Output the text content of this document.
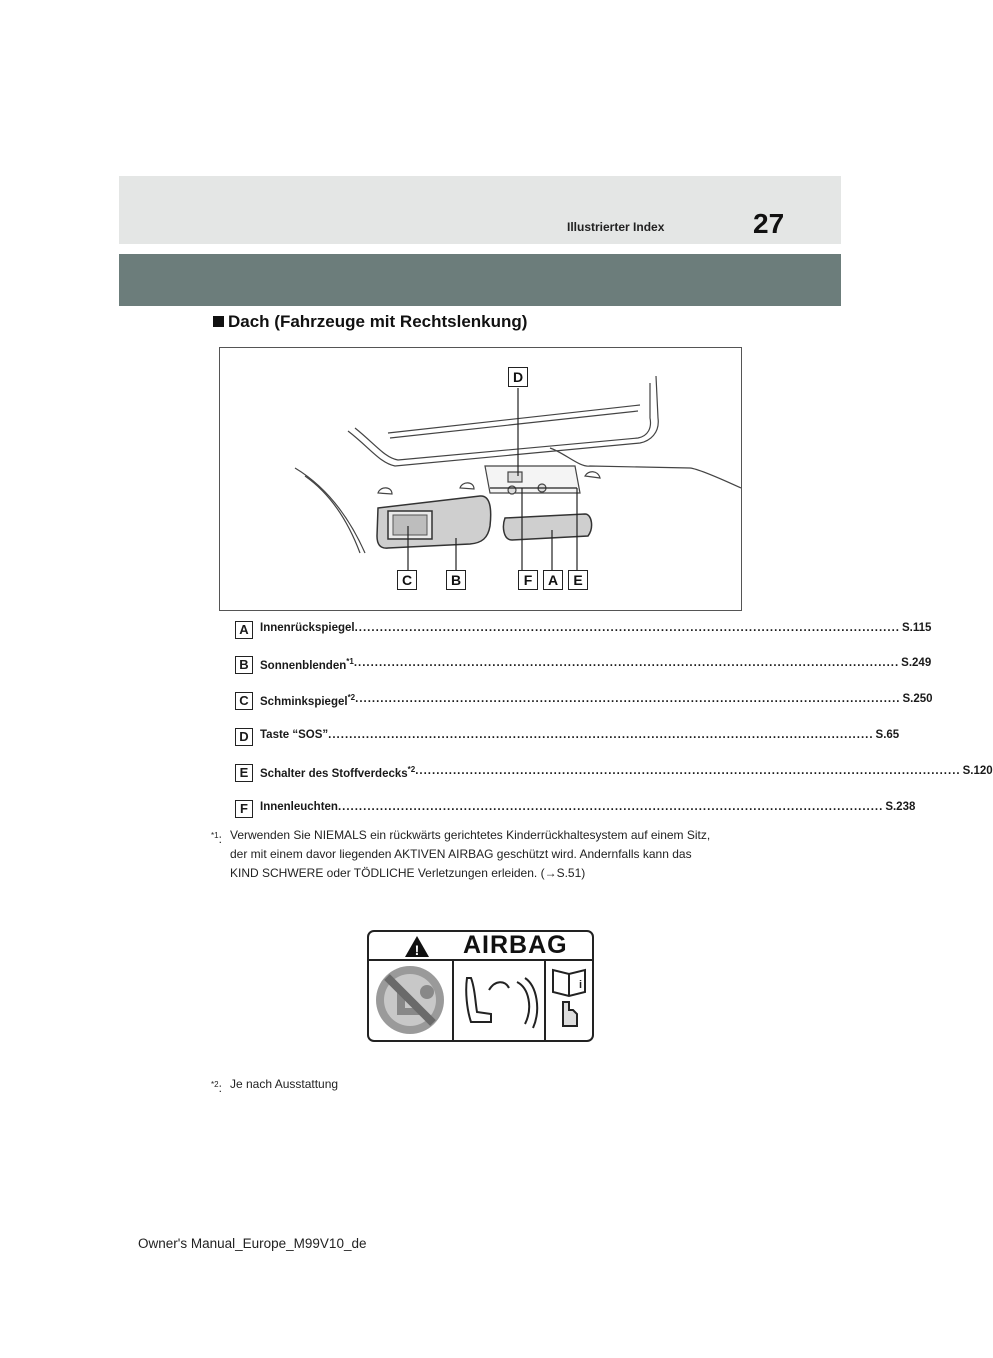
Illustrierter Index	27
Dach (Fahrzeuge mit Rechtslenkung)
D
C	B	F	A	E
A Innenrückspiegel .................................................................................................................................. S.115
B Sonnenblenden$^{*1}$ .................................................................................................................................. S.249
C Schminkspiegel$^{*2}$ .................................................................................................................................. S.250
D Taste “SOS” .................................................................................................................................. S.65
E	Schalter des Stoffverdecks$^{*2}$ .................................................................................................................................. S.120
F	Innenleuchten .................................................................................................................................. S.238
$^{*1}$: Verwenden Sie NIEMALS ein rückwärts gerichtetes Kinderrückhaltesystem auf einem Sitz,
der mit einem davor liegenden AKTIVEN AIRBAG geschützt wird. Andernfalls kann das
KIND SCHWERE oder TÖDLICHE Verletzungen erleiden. (→S.51)
!
i
AIRBAG
$^{*2}$: Je nach Ausstattung
Owner's Manual_Europe_M99V10_de
